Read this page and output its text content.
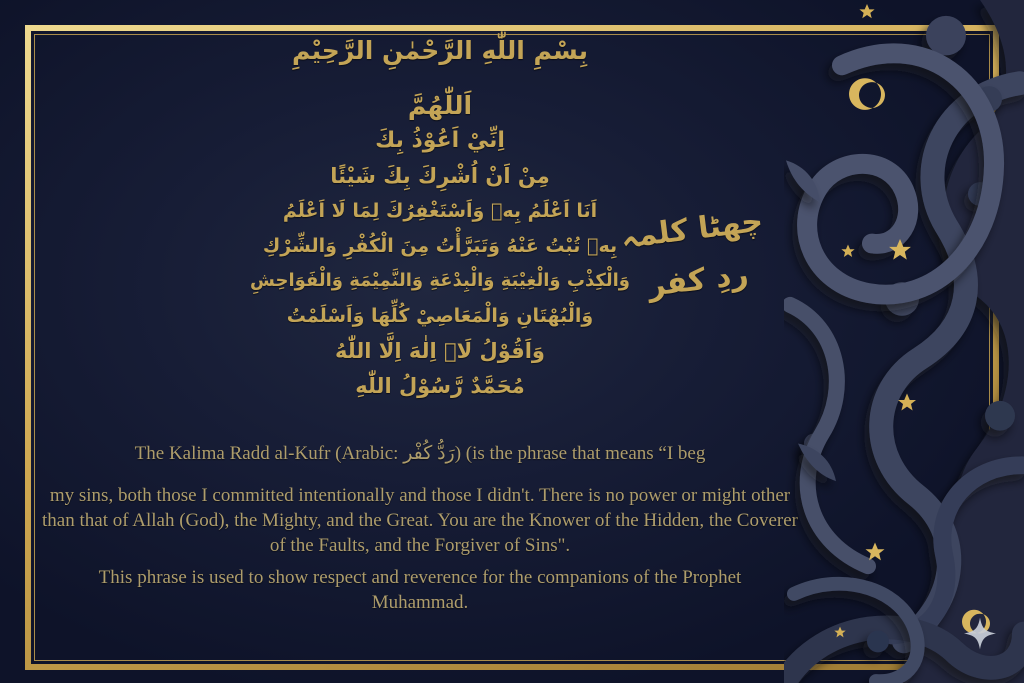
بِسْمِ اللّٰهِ الرَّحْمٰنِ الرَّحِيْمِ
اَللّٰهُمَّ
اِنِّيْ اَعُوْذُ بِكَ
مِنْ اَنْ اُشْرِكَ بِكَ شَيْئًا
اَنَا اَعْلَمُ بِهٖ وَاَسْتَغْفِرُكَ لِمَا لَا اَعْلَمُ
بِهٖ تُبْتُ عَنْهُ وَتَبَرَّأْتُ مِنَ الْكُفْرِ وَالشِّرْكِ
وَالْكِذْبِ وَالْغِيْبَةِ وَالْبِدْعَةِ وَالنَّمِيْمَةِ وَالْفَوَاحِشِ
وَالْبُهْتَانِ وَالْمَعَاصِيْ كُلِّهَا وَاَسْلَمْتُ
وَاَقُوْلُ لَاۤ اِلٰهَ اِلَّا اللّٰهُ
مُحَمَّدٌ رَّسُوْلُ اللّٰهِ
چھٹا کلمہ
ردِ کفر
The Kalima Radd al-Kufr (Arabic: رَدُّ كُفْر) (is the phrase that means “I beg
my sins, both those I committed intentionally and those I didn't. There is no power or might other than that of Allah (God), the Mighty, and the Great. You are the Knower of the Hidden, the Coverer of the Faults, and the Forgiver of Sins".
This phrase is used to show respect and reverence for the companions of the Prophet Muhammad.
